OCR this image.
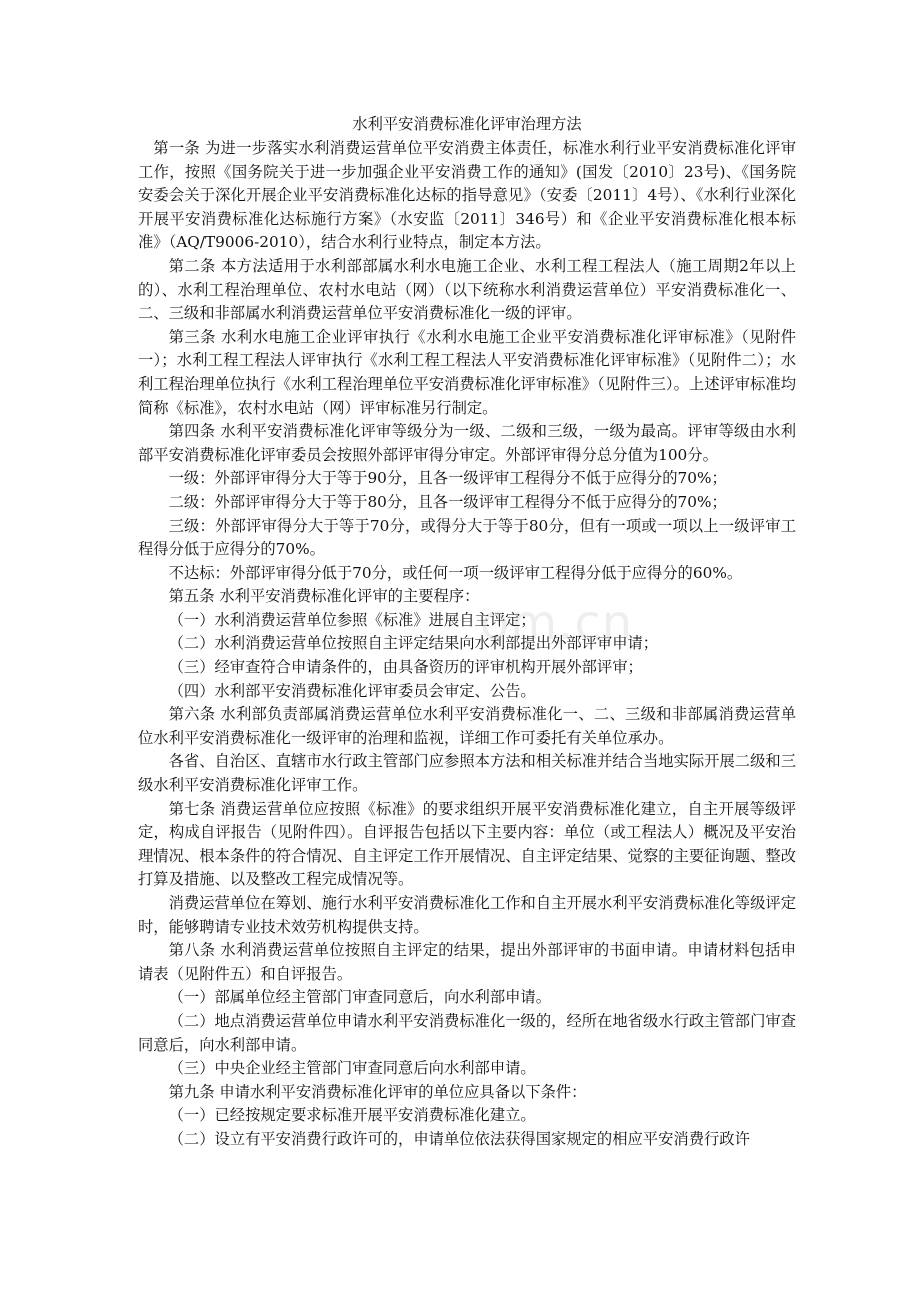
水利平安消费标准化评审治理方法

第一条 为进一步落实水利消费运营单位平安消费主体责任，标准水利行业平安消费标准化评审工作，按照《国务院关于进一步加强企业平安消费工作的通知》(国发〔2010〕23号)、《国务院安委会关于深化开展企业平安消费标准化达标的指导意见》（安委〔2011〕4号）、《水利行业深化开展平安消费标准化达标施行方案》（水安监〔2011〕346号）和《企业平安消费标准化根本标准》（AQ/T9006-2010），结合水利行业特点，制定本方法。

第二条 本方法适用于水利部部属水利水电施工企业、水利工程工程法人（施工周期2年以上的）、水利工程治理单位、农村水电站（网）（以下统称水利消费运营单位）平安消费标准化一、二、三级和非部属水利消费运营单位平安消费标准化一级的评审。

第三条 水利水电施工企业评审执行《水利水电施工企业平安消费标准化评审标准》（见附件一）；水利工程工程法人评审执行《水利工程工程法人平安消费标准化评审标准》（见附件二）；水利工程治理单位执行《水利工程治理单位平安消费标准化评审标准》（见附件三）。上述评审标准均简称《标准》，农村水电站（网）评审标准另行制定。

第四条 水利平安消费标准化评审等级分为一级、二级和三级，一级为最高。评审等级由水利部平安消费标准化评审委员会按照外部评审得分审定。外部评审得分总分值为100分。

一级：外部评审得分大于等于90分，且各一级评审工程得分不低于应得分的70%；

二级：外部评审得分大于等于80分，且各一级评审工程得分不低于应得分的70%；

三级：外部评审得分大于等于70分，或得分大于等于80分，但有一项或一项以上一级评审工程得分低于应得分的70%。

不达标：外部评审得分低于70分，或任何一项一级评审工程得分低于应得分的60%。

第五条 水利平安消费标准化评审的主要程序：

（一）水利消费运营单位参照《标准》进展自主评定；

（二）水利消费运营单位按照自主评定结果向水利部提出外部评审申请；

（三）经审查符合申请条件的，由具备资历的评审机构开展外部评审；

（四）水利部平安消费标准化评审委员会审定、公告。

第六条 水利部负责部属消费运营单位水利平安消费标准化一、二、三级和非部属消费运营单位水利平安消费标准化一级评审的治理和监视，详细工作可委托有关单位承办。

各省、自治区、直辖市水行政主管部门应参照本方法和相关标准并结合当地实际开展二级和三级水利平安消费标准化评审工作。

第七条 消费运营单位应按照《标准》的要求组织开展平安消费标准化建立，自主开展等级评定，构成自评报告（见附件四）。自评报告包括以下主要内容：单位（或工程法人）概况及平安治理情况、根本条件的符合情况、自主评定工作开展情况、自主评定结果、觉察的主要征询题、整改打算及措施、以及整改工程完成情况等。

消费运营单位在筹划、施行水利平安消费标准化工作和自主开展水利平安消费标准化等级评定时，能够聘请专业技术效劳机构提供支持。

第八条 水利消费运营单位按照自主评定的结果，提出外部评审的书面申请。申请材料包括申请表（见附件五）和自评报告。

（一）部属单位经主管部门审查同意后，向水利部申请。

（二）地点消费运营单位申请水利平安消费标准化一级的，经所在地省级水行政主管部门审查同意后，向水利部申请。

（三）中央企业经主管部门审查同意后向水利部申请。

第九条 申请水利平安消费标准化评审的单位应具备以下条件：

（一）已经按规定要求标准开展平安消费标准化建立。

（二）设立有平安消费行政许可的，申请单位依法获得国家规定的相应平安消费行政许

om.cn
